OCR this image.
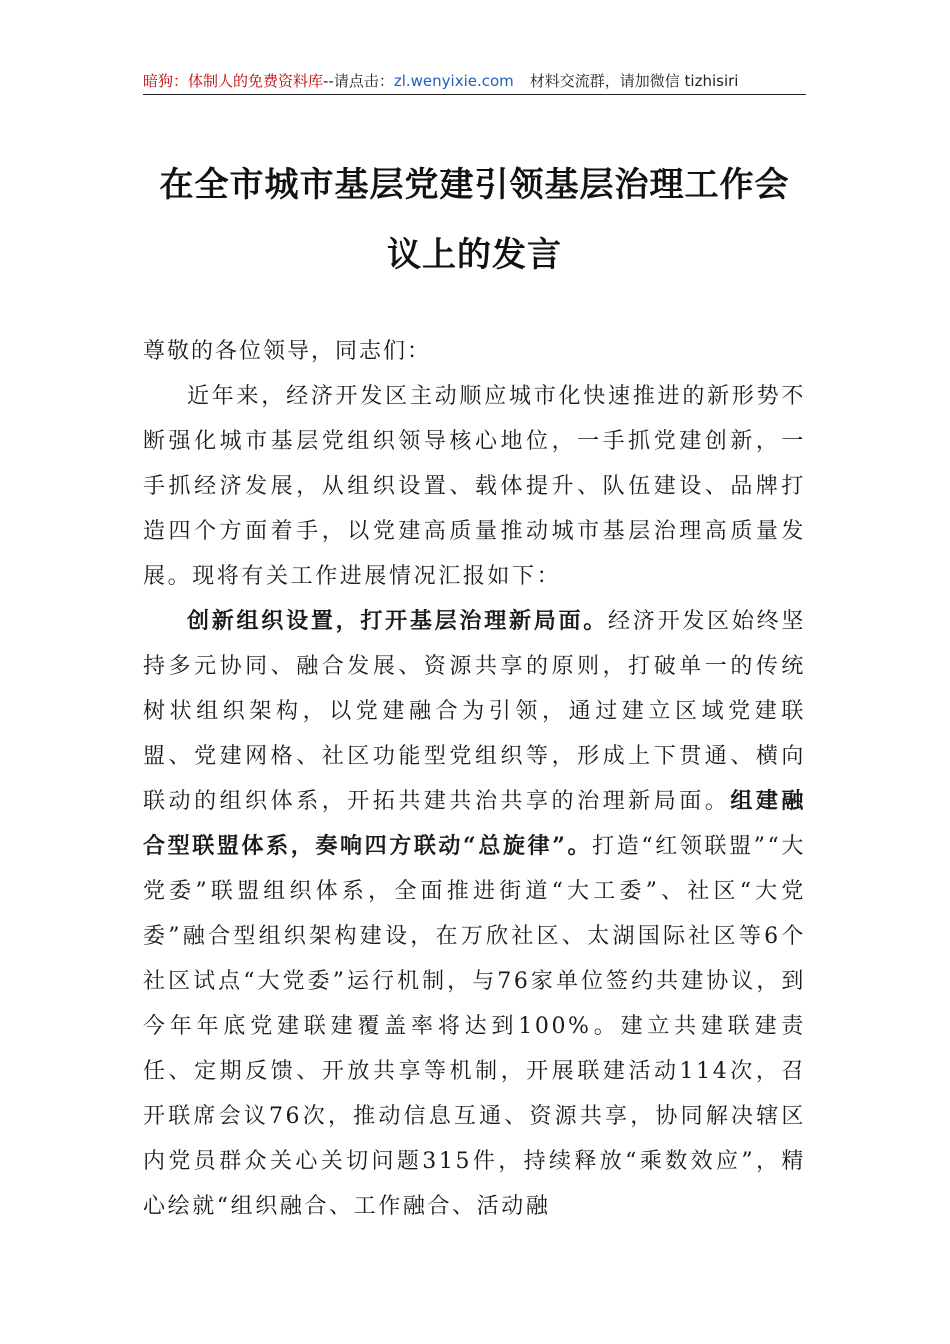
暗狗：体制人的免费资料库--请点击：zl.wenyixie.com 材料交流群，请加微信 tizhisiri
在全市城市基层党建引领基层治理工作会
议上的发言
尊敬的各位领导，同志们：

近年来，经济开发区主动顺应城市化快速推进的新形势不断强化城市基层党组织领导核心地位，一手抓党建创新，一手抓经济发展，从组织设置、载体提升、队伍建设、品牌打造四个方面着手，以党建高质量推动城市基层治理高质量发展。现将有关工作进展情况汇报如下：

创新组织设置，打开基层治理新局面。经济开发区始终坚持多元协同、融合发展、资源共享的原则，打破单一的传统树状组织架构，以党建融合为引领，通过建立区域党建联盟、党建网格、社区功能型党组织等，形成上下贯通、横向联动的组织体系，开拓共建共治共享的治理新局面。组建融合型联盟体系，奏响四方联动“总旋律”。打造“红领联盟”“大党委”联盟组织体系，全面推进街道“大工委”、社区“大党委”融合型组织架构建设，在万欣社区、太湖国际社区等6个社区试点“大党委”运行机制，与76家单位签约共建协议，到今年年底党建联建覆盖率将达到100%。建立共建联建责任、定期反馈、开放共享等机制，开展联建活动114次，召开联席会议76次，推动信息互通、资源共享，协同解决辖区内党员群众关心关切问题315件，持续释放“乘数效应”，精心绘就“组织融合、工作融合、活动融
